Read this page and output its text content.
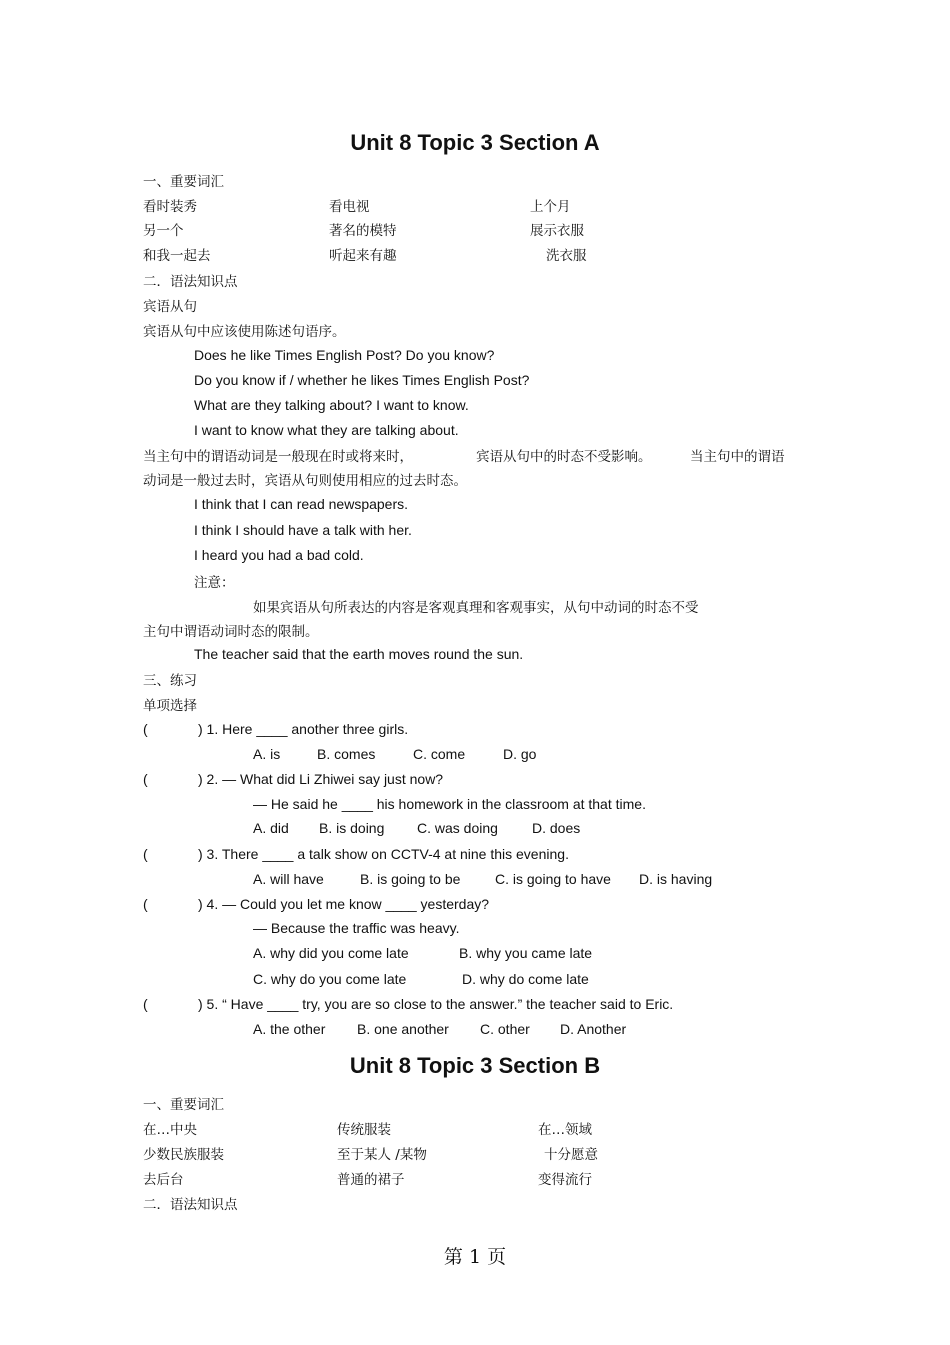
Unit 8 Topic 3 Section A
一、重要词汇
看时装秀	看电视	上个月
另一个	著名的模特	展示衣服
和我一起去	听起来有趣	洗衣服
二．语法知识点
宾语从句
宾语从句中应该使用陈述句语序。
Does he like Times English Post? Do you know?
Do you know if / whether he likes Times English Post?
What are they talking about? I want to know.
I want to know what they are talking about.
当主句中的谓语动词是一般现在时或将来时，	宾语从句中的时态不受影响。	当主句中的谓语
动词是一般过去时，宾语从句则使用相应的过去时态。
I think that I can read newspapers.
I think I should have a talk with her.
I heard you had a bad cold.
注意：
如果宾语从句所表达的内容是客观真理和客观事实，从句中动词的时态不受
主句中谓语动词时态的限制。
The teacher said that the earth moves round the sun.
三、练习
单项选择
(	) 1. Here ____ another three girls.
A. is	B. comes	C. come	D. go
(	) 2. — What did Li Zhiwei say just now?
— He said he ____ his homework in the classroom at that time.
A. did B. is doing C. was doing D. does
(	) 3. There ____ a talk show on CCTV-4 at nine this evening.
A. will have	B. is going to be C. is going to have D. is having
(	) 4. — Could you let me know ____ yesterday?
— Because the traffic was heavy.
A. why did you come late	B. why you came late
C. why do you come late	D. why do come late
(	) 5. “ Have ____ try, you are so close to the answer.” the teacher said to Eric.
A. the other B. one another C. other D. Another
Unit 8 Topic 3 Section B
一、重要词汇
在…中央	传统服装	在…领域
少数民族服装	至于某人 /某物	十分愿意
去后台	普通的裙子	变得流行
二．语法知识点
第 1 页
